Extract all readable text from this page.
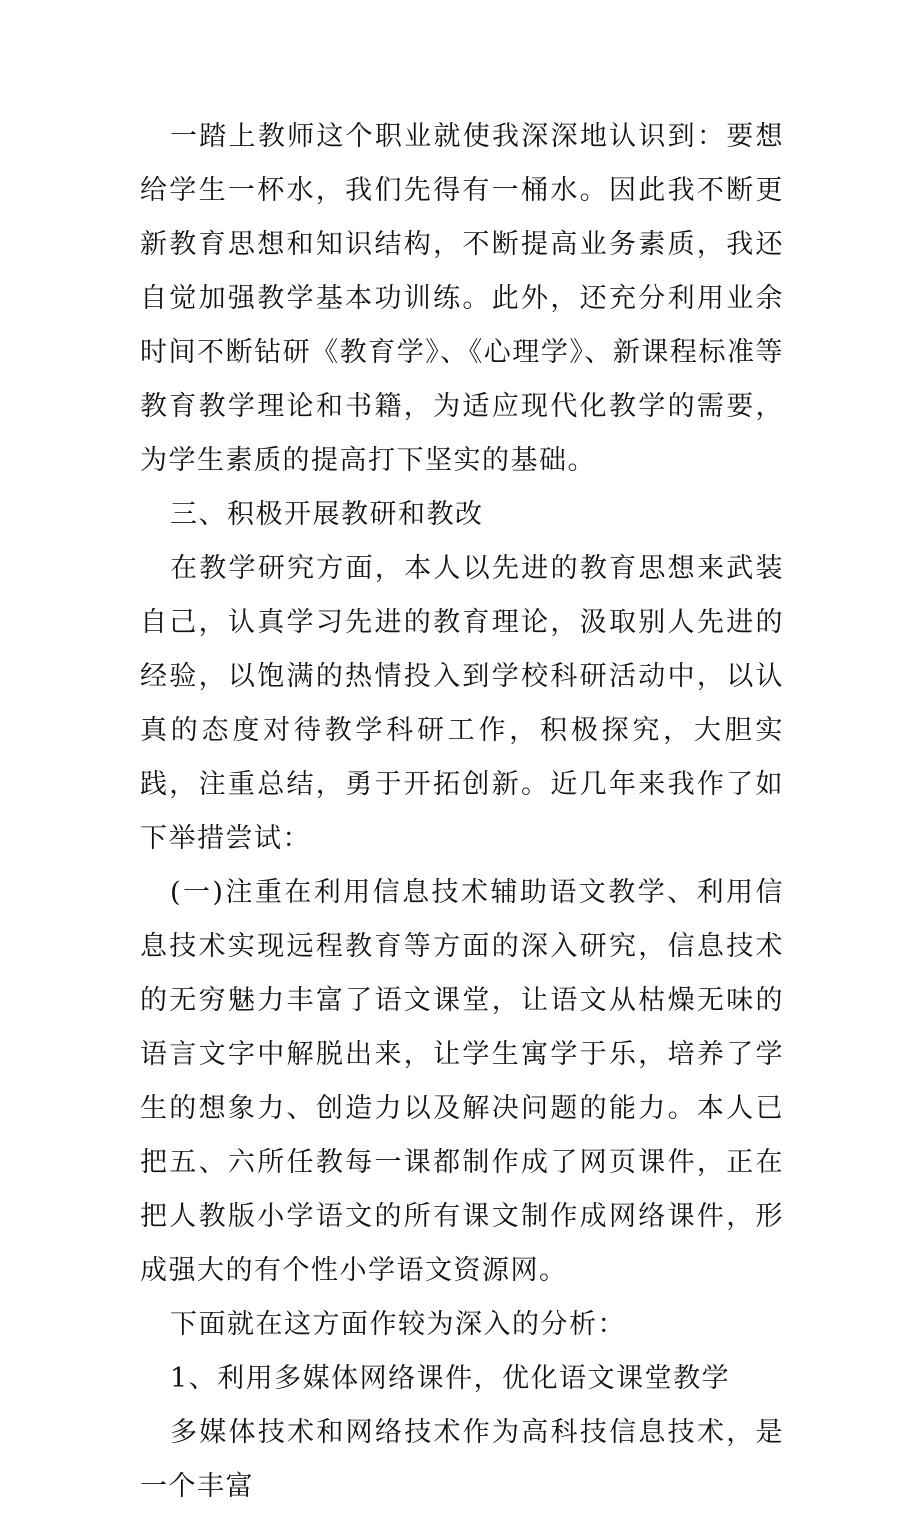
一踏上教师这个职业就使我深深地认识到：要想给学生一杯水，我们先得有一桶水。因此我不断更新教育思想和知识结构，不断提高业务素质，我还自觉加强教学基本功训练。此外，还充分利用业余时间不断钻研《教育学》、《心理学》、新课程标准等教育教学理论和书籍，为适应现代化教学的需要，为学生素质的提高打下坚实的基础。

三、积极开展教研和教改

在教学研究方面，本人以先进的教育思想来武装自己，认真学习先进的教育理论，汲取别人先进的经验，以饱满的热情投入到学校科研活动中，以认真的态度对待教学科研工作，积极探究，大胆实践，注重总结，勇于开拓创新。近几年来我作了如下举措尝试：

(一)注重在利用信息技术辅助语文教学、利用信息技术实现远程教育等方面的深入研究，信息技术的无穷魅力丰富了语文课堂，让语文从枯燥无味的语言文字中解脱出来，让学生寓学于乐，培养了学生的想象力、创造力以及解决问题的能力。本人已把五、六所任教每一课都制作成了网页课件，正在把人教版小学语文的所有课文制作成网络课件，形成强大的有个性小学语文资源网。

下面就在这方面作较为深入的分析：

1、利用多媒体网络课件，优化语文课堂教学

多媒体技术和网络技术作为高科技信息技术，是一个丰富
